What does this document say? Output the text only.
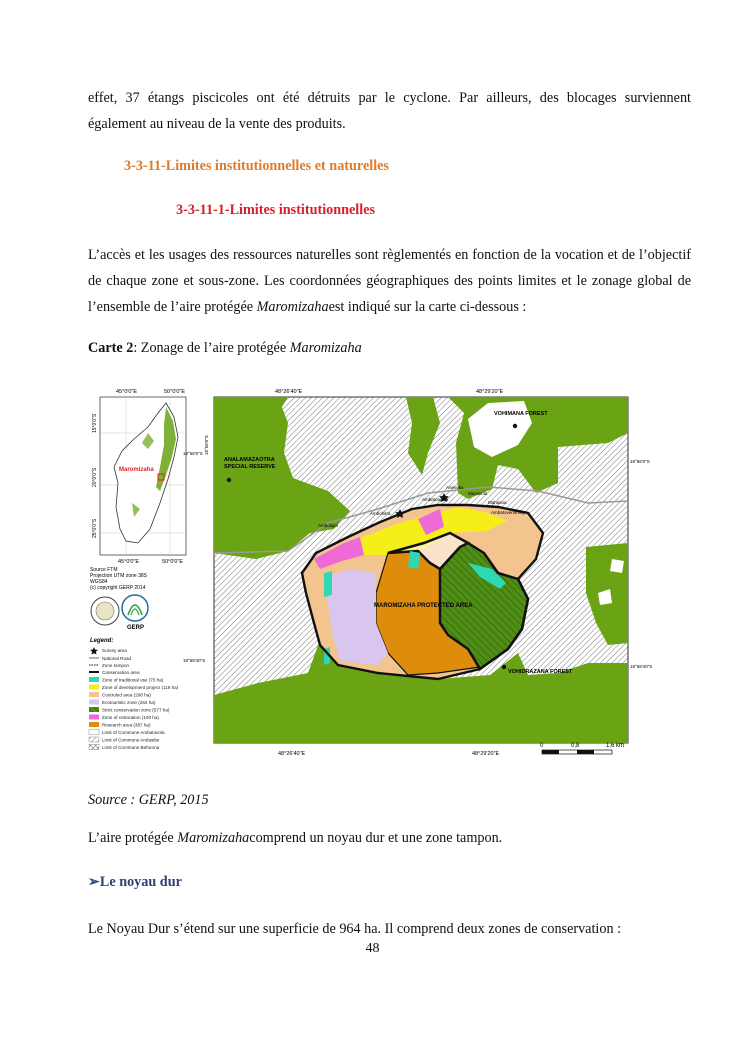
effet, 37 étangs piscicoles ont été détruits par le cyclone. Par ailleurs, des blocages surviennent
également au niveau de la vente des produits.
3-3-11-Limites institutionnelles et naturelles
3-3-11-1-Limites institutionnelles
L’accès et les usages des ressources naturelles sont règlementés en fonction de la vocation et de l’objectif de chaque zone et sous-zone. Les coordonnées géographiques des points limites et le zonage global de l’ensemble de l’aire protégée Maromizahaest indiqué sur la carte ci-dessous :
Carte 2: Zonage de l’aire protégée Maromizaha
45°0'0"E	50°0'0"E
Maromizaha
15°0'0"S
20°0'0"S
25°0'0"S
45°0'0"E	50°0'0"E
Source FTM
Projection UTM zone 38S
WGS84
(c) copyright GERP 2014
GERP
Legend:
Survey area
National Road
Zone tampon
Conservation area
Zone of traditional use (75 ha)
Zone of development project (119 ha)
Controled area (208 ha)
Ecotouristic zone (264 ha)
Strict conservation zone (577 ha)
Zone of restoration (100 ha)
Research area (387 ha)
Limit of Commune Ambatovola
Limit of Commune Andasibe
Limit of Commune Beforona
48°26'40"E	48°29'20"E
VOHIMANA FOREST
ANALAMAZAOTRA
SPECIAL RESERVE
MAROMIZAHA PROTECTED AREA
VOHIDRAZANA FOREST
Anevoka
Mahasoa
Ambatovenomby
Ambatoajaka
Ambohitra
Ambolopo
Mazavola
18°56'0"S
18°56'0"S
18°58'40"S
18°56'0"S
18°58'40"S
48°26'40"E	48°29'20"E
0	0,8	1,6 km
Source : GERP, 2015
L’aire protégée Maromizahacomprend un noyau dur et une zone tampon.
➢Le noyau dur
Le Noyau Dur s’étend sur une superficie de 964 ha. Il comprend deux zones de conservation :
48
